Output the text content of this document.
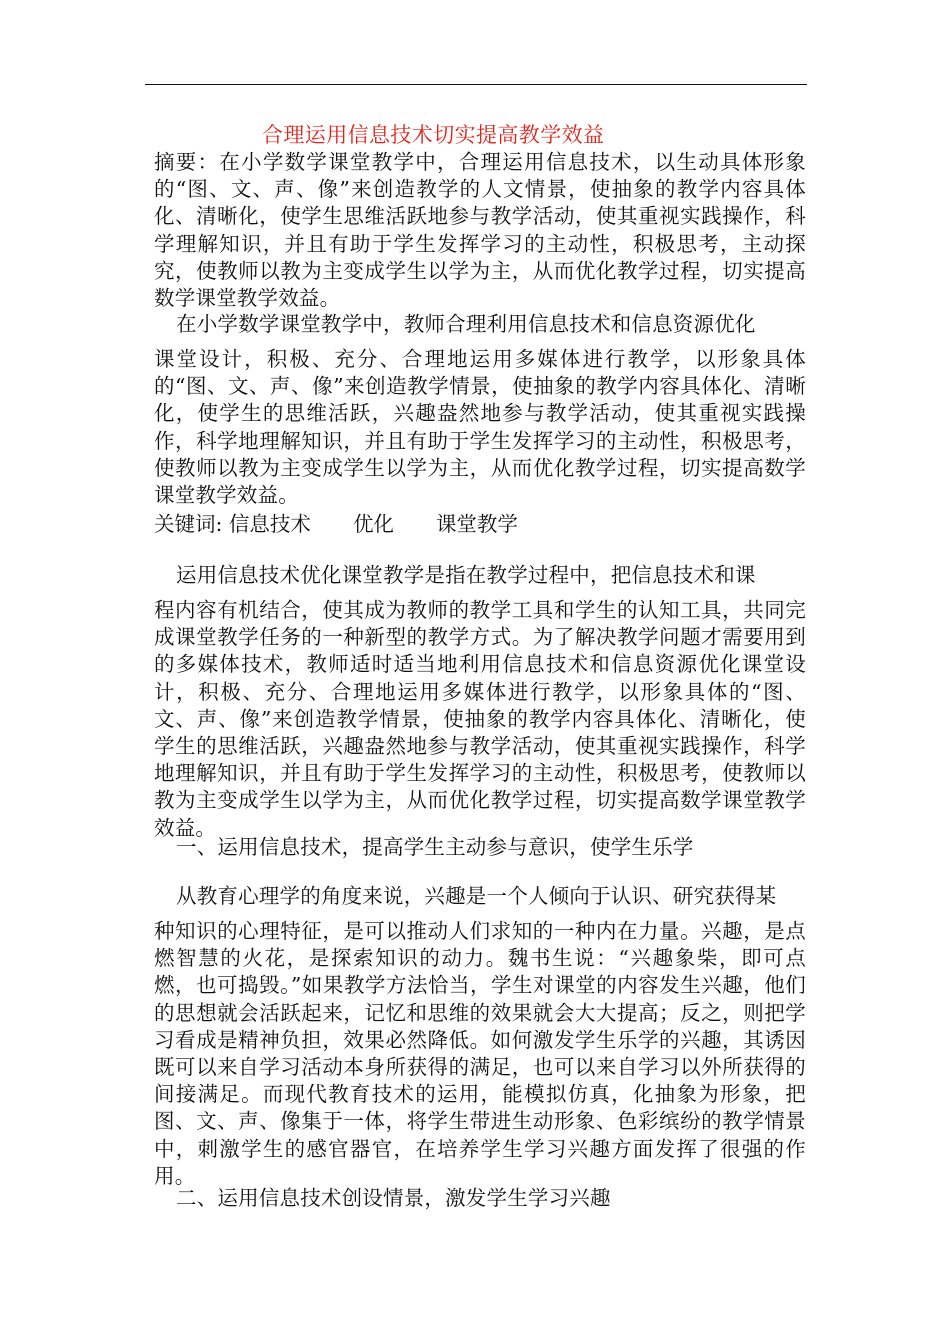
合理运用信息技术切实提高教学效益

摘要：在小学数学课堂教学中，合理运用信息技术，以生动具体形象的“图、文、声、像”来创造教学的人文情景，使抽象的教学内容具体化、清晰化，使学生思维活跃地参与教学活动，使其重视实践操作，科学理解知识，并且有助于学生发挥学习的主动性，积极思考，主动探究，使教师以教为主变成学生以学为主，从而优化教学过程，切实提高数学课堂教学效益。

在小学数学课堂教学中，教师合理利用信息技术和信息资源优化

课堂设计，积极、充分、合理地运用多媒体进行教学，以形象具体的“图、文、声、像”来创造教学情景，使抽象的教学内容具体化、清晰化，使学生的思维活跃，兴趣盎然地参与教学活动，使其重视实践操作，科学地理解知识，并且有助于学生发挥学习的主动性，积极思考，使教师以教为主变成学生以学为主，从而优化教学过程，切实提高数学课堂教学效益。

关键词: 信息技术 优化 课堂教学
运用信息技术优化课堂教学是指在教学过程中，把信息技术和课

程内容有机结合，使其成为教师的教学工具和学生的认知工具，共同完成课堂教学任务的一种新型的教学方式。为了解决教学问题才需要用到的多媒体技术，教师适时适当地利用信息技术和信息资源优化课堂设计，积极、充分、合理地运用多媒体进行教学，以形象具体的“图、文、声、像”来创造教学情景，使抽象的教学内容具体化、清晰化，使学生的思维活跃，兴趣盎然地参与教学活动，使其重视实践操作，科学地理解知识，并且有助于学生发挥学习的主动性，积极思考，使教师以教为主变成学生以学为主，从而优化教学过程，切实提高数学课堂教学效益。

一、运用信息技术，提高学生主动参与意识，使学生乐学
从教育心理学的角度来说，兴趣是一个人倾向于认识、研究获得某

种知识的心理特征，是可以推动人们求知的一种内在力量。兴趣，是点燃智慧的火花，是探索知识的动力。魏书生说：“兴趣象柴，即可点燃，也可捣毁。”如果教学方法恰当，学生对课堂的内容发生兴趣，他们的思想就会活跃起来，记忆和思维的效果就会大大提高；反之，则把学习看成是精神负担，效果必然降低。如何激发学生乐学的兴趣，其诱因既可以来自学习活动本身所获得的满足，也可以来自学习以外所获得的间接满足。而现代教育技术的运用，能模拟仿真，化抽象为形象，把图、文、声、像集于一体，将学生带进生动形象、色彩缤纷的教学情景中，刺激学生的感官器官，在培养学生学习兴趣方面发挥了很强的作用。

二、运用信息技术创设情景，激发学生学习兴趣
